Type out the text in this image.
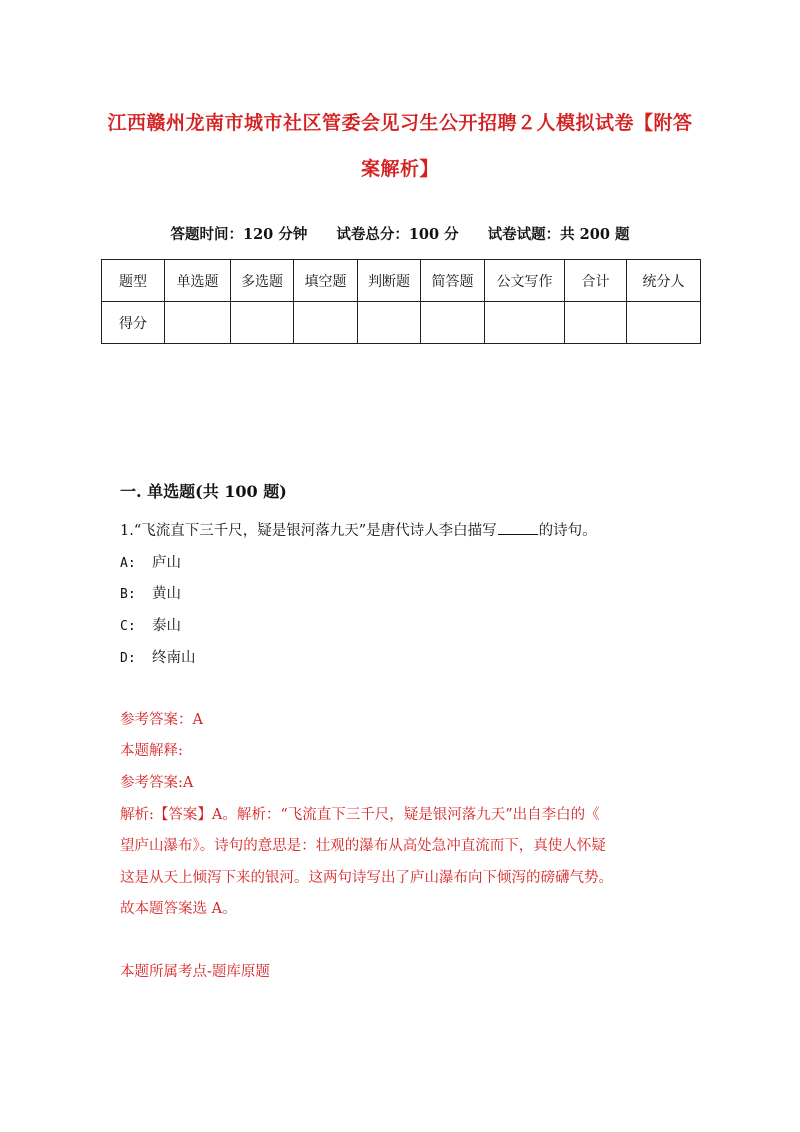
江西赣州龙南市城市社区管委会见习生公开招聘２人模拟试卷【附答案解析】
答题时间：120 分钟　　试卷总分：100 分　　试卷试题：共 200 题
题型	单选题	多选题	填空题	判断题	简答题	公文写作	合计	统分人
得分								
一. 单选题(共 100 题)
1.“飞流直下三千尺，疑是银河落九天”是唐代诗人李白描写	的诗句。
A: 庐山
B: 黄山
C: 泰山
D: 终南山
参考答案：A
本题解释:
参考答案:A
解析:【答案】A。解析：“飞流直下三千尺，疑是银河落九天”出自李白的《
望庐山瀑布》。诗句的意思是：壮观的瀑布从高处急冲直流而下，真使人怀疑
这是从天上倾泻下来的银河。这两句诗写出了庐山瀑布向下倾泻的磅礴气势。
故本题答案选 A。
本题所属考点-题库原题
